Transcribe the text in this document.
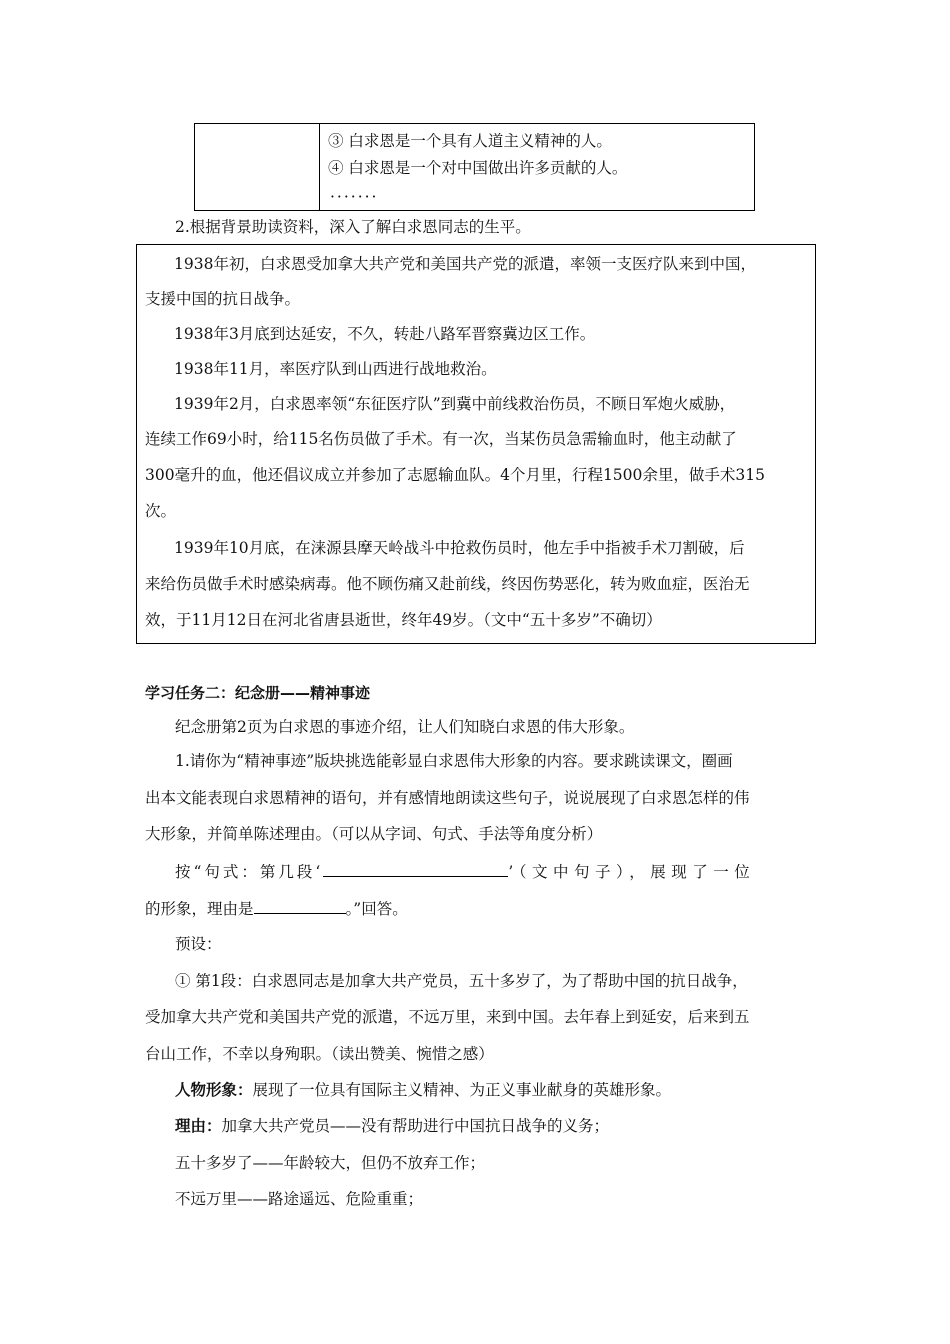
③ 白求恩是一个具有人道主义精神的人。
④ 白求恩是一个对中国做出许多贡献的人。
·······
2.根据背景助读资料，深入了解白求恩同志的生平。
1938年初，白求恩受加拿大共产党和美国共产党的派遣，率领一支医疗队来到中国，
支援中国的抗日战争。
1938年3月底到达延安，不久，转赴八路军晋察冀边区工作。
1938年11月，率医疗队到山西进行战地救治。
1939年2月，白求恩率领“东征医疗队”到冀中前线救治伤员，不顾日军炮火威胁，
连续工作69小时，给115名伤员做了手术。有一次，当某伤员急需输血时，他主动献了
300毫升的血，他还倡议成立并参加了志愿输血队。4个月里，行程1500余里，做手术315
次。
1939年10月底，在涞源县摩天岭战斗中抢救伤员时，他左手中指被手术刀割破，后
来给伤员做手术时感染病毒。他不顾伤痛又赴前线，终因伤势恶化，转为败血症，医治无
效，于11月12日在河北省唐县逝世，终年49岁。（文中“五十多岁”不确切）
学习任务二：纪念册——精神事迹
纪念册第2页为白求恩的事迹介绍，让人们知晓白求恩的伟大形象。
1.请你为“精神事迹”版块挑选能彰显白求恩伟大形象的内容。要求跳读课文，圈画
出本文能表现白求恩精神的语句，并有感情地朗读这些句子，说说展现了白求恩怎样的伟
大形象，并简单陈述理由。（可以从字词、句式、手法等角度分析）
按“句式：第几段‘	’（文中句子），展现了一位
的形象，理由是	。”回答。
预设：
① 第1段：白求恩同志是加拿大共产党员，五十多岁了，为了帮助中国的抗日战争，
受加拿大共产党和美国共产党的派遣，不远万里，来到中国。去年春上到延安，后来到五
台山工作，不幸以身殉职。（读出赞美、惋惜之感）
人物形象：展现了一位具有国际主义精神、为正义事业献身的英雄形象。
理由：加拿大共产党员——没有帮助进行中国抗日战争的义务；
五十多岁了——年龄较大，但仍不放弃工作；
不远万里——路途遥远、危险重重；
